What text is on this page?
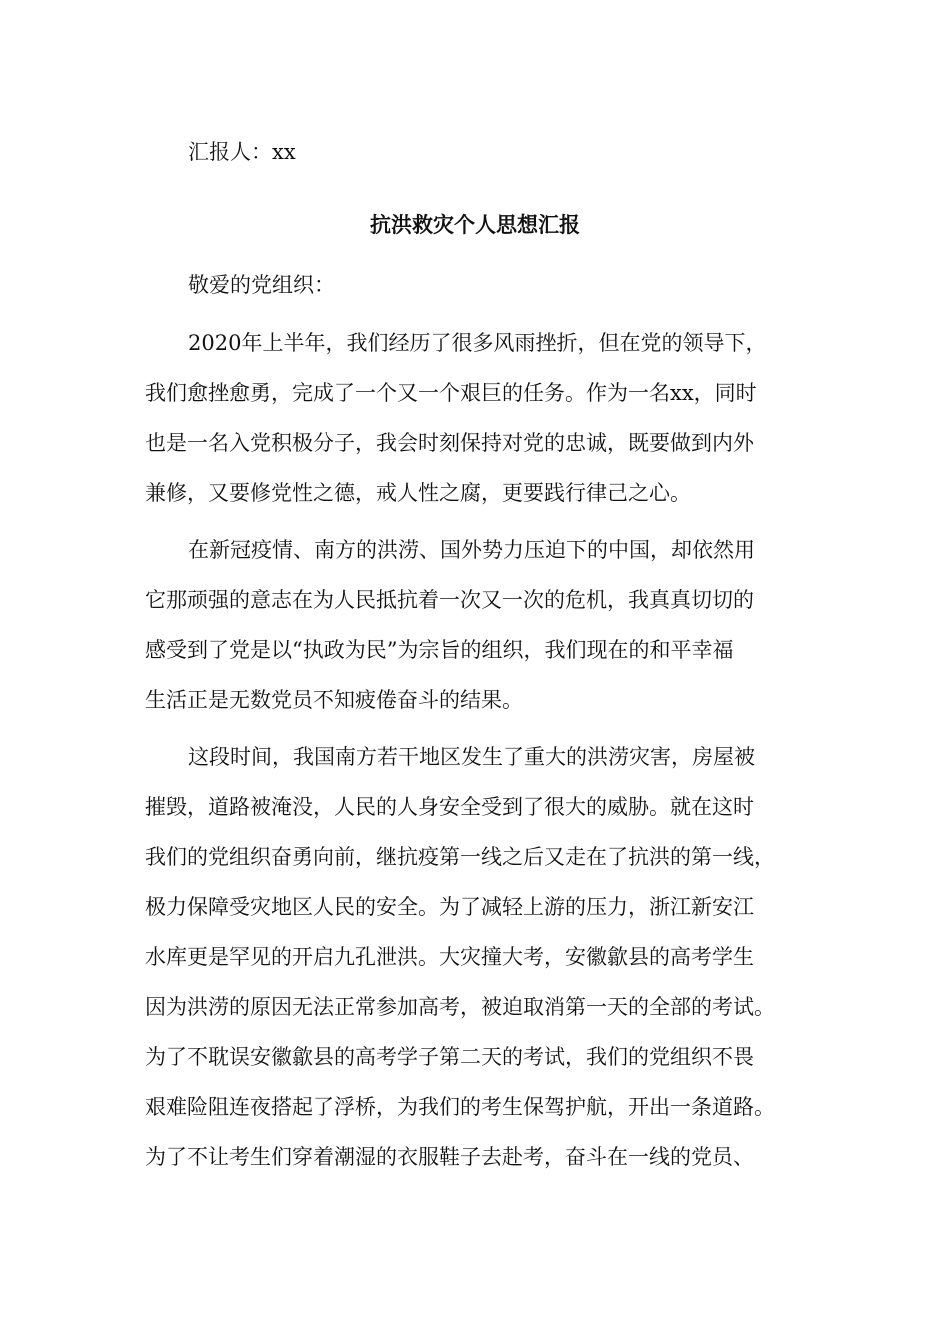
汇报人：xx
抗洪救灾个人思想汇报
敬爱的党组织：
2020年上半年，我们经历了很多风雨挫折，但在党的领导下，
我们愈挫愈勇，完成了一个又一个艰巨的任务。作为一名xx，同时
也是一名入党积极分子，我会时刻保持对党的忠诚，既要做到内外
兼修，又要修党性之德，戒人性之腐，更要践行律己之心。
在新冠疫情、南方的洪涝、国外势力压迫下的中国，却依然用
它那顽强的意志在为人民抵抗着一次又一次的危机，我真真切切的
感受到了党是以“执政为民”为宗旨的组织，我们现在的和平幸福
生活正是无数党员不知疲倦奋斗的结果。
这段时间，我国南方若干地区发生了重大的洪涝灾害，房屋被
摧毁，道路被淹没，人民的人身安全受到了很大的威胁。就在这时
我们的党组织奋勇向前，继抗疫第一线之后又走在了抗洪的第一线，
极力保障受灾地区人民的安全。为了减轻上游的压力，浙江新安江
水库更是罕见的开启九孔泄洪。大灾撞大考，安徽歙县的高考学生
因为洪涝的原因无法正常参加高考，被迫取消第一天的全部的考试。
为了不耽误安徽歙县的高考学子第二天的考试，我们的党组织不畏
艰难险阻连夜搭起了浮桥，为我们的考生保驾护航，开出一条道路。
为了不让考生们穿着潮湿的衣服鞋子去赴考，奋斗在一线的党员、
